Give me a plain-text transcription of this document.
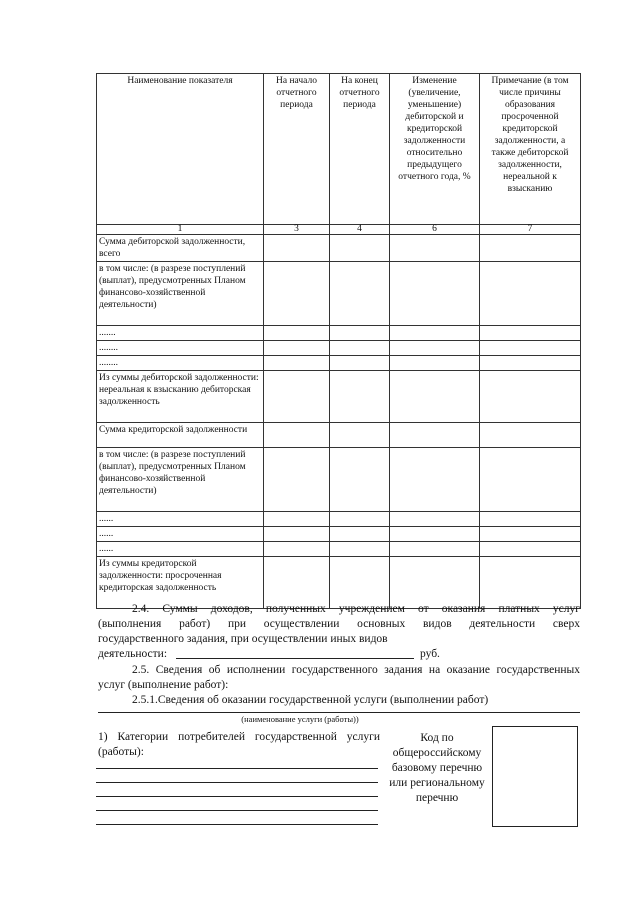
Наименование показателя	На начало отчетного периода	На конец отчетного периода	Изменение (увеличение, уменьшение) дебиторской и кредиторской задолженности относительно предыдущего отчетного года, %	Примечание (в том числе причины образования просроченной кредиторской задолженности, а также дебиторской задолженности, нереальной к взысканию
1	3	4	6	7
Сумма дебиторской задолженности, всего				
в том числе: (в разрезе поступлений (выплат), предусмотренных Планом финансово-хозяйственной деятельности)				
.......				
........				
........				
Из суммы дебиторской задолженности: нереальная к взысканию дебиторская задолженность				
Сумма кредиторской задолженности				
в том числе: (в разрезе поступлений (выплат), предусмотренных Планом финансово-хозяйственной деятельности)				
......				
......				
......				
Из суммы кредиторской задолженности: просроченная кредиторская задолженность				
2.4. Суммы доходов, полученных учреждением от оказания платных услуг
(выполнения работ) при осуществлении основных видов деятельности сверх
государственного задания, при осуществлении иных видов
деятельности:	руб.
2.5. Сведения об исполнении государственного задания на оказание государственных
услуг (выполнение работ):
2.5.1.Сведения об оказании государственной услуги (выполнении работ)
(наименование услуги (работы))
1) Категории потребителей государственной услуги
(работы):
Код по
общероссийскому
базовому перечню
или региональному
перечню
